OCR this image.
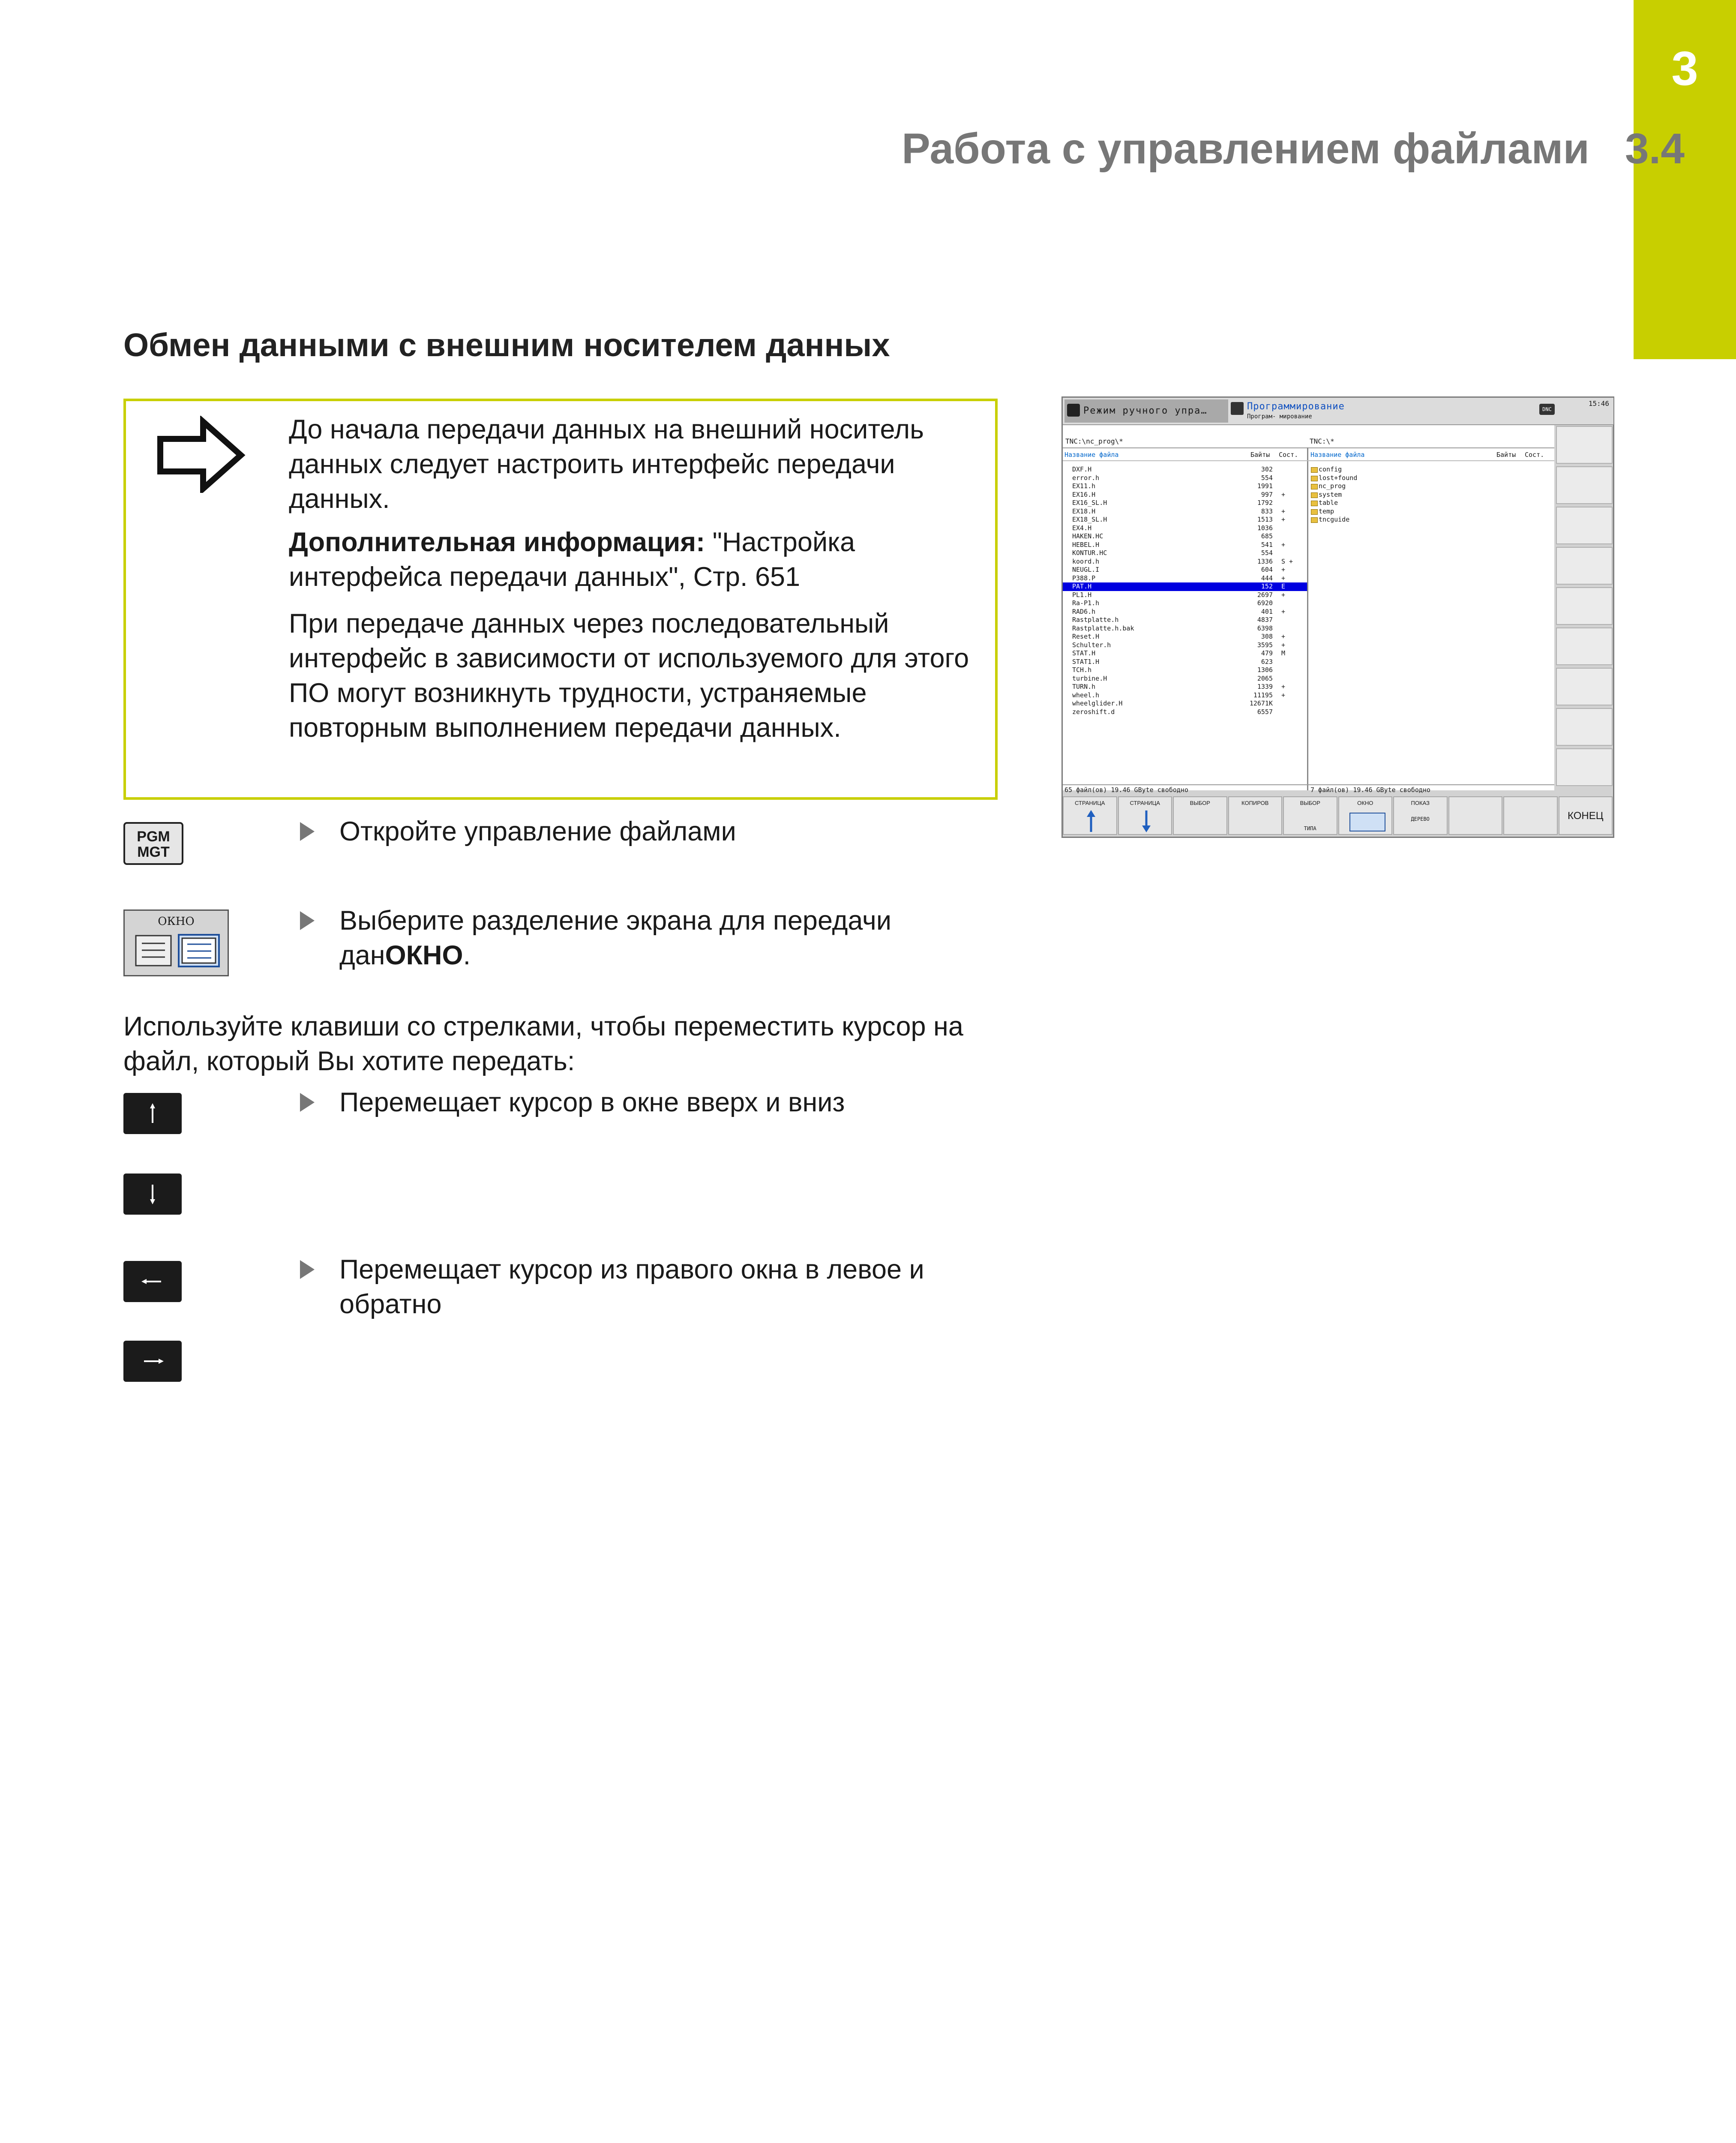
3
Работа с управлением файлами 3.4
Обмен данными с внешним носителем данных
До начала передачи данных на внешний носитель данных следует настроить интерфейс передачи данных.
Дополнительная информация: "Настройка интерфейса передачи данных", Стр. 651
При передаче данных через последовательный интерфейс в зависимости от используемого для этого ПО могут возникнуть трудности, устраняемые повторным выполнением передачи данных.
PGM
MGT
Откройте управление файлами
ОКНО	Выберите разделение экрана для передачи данОКНО.
Используйте клавиши со стрелками, чтобы переместить курсор на файл, который Вы хотите передать:
Перемещает курсор в окне вверх и вниз
Перемещает курсор из правого окна в левое и обратно
Режим ручного упра…	Программирование
Програм- мирование
DNC
15:46
TNC:\nc_prog\*	TNC:\*
Название файла	Байты Сост. Название файла	Байты Сост.
DXF.H	302
error.h	554
EX11.h	1991
EX16.H	997 +
EX16_SL.H	1792
EX18.H	833 +
EX18_SL.H	1513 +
EX4.H	1036
HAKEN.HC	685
HEBEL.H	541 +
KONTUR.HC	554
koord.h	1336 S +
NEUGL.I	604 +
P388.P	444 +
PAT.H	152 E
PL1.H	2697 +
Ra-P1.h	6920
RAD6.h	401 +
Rastplatte.h	4837
Rastplatte.h.bak	6398
Reset.H	308 +
Schulter.h	3595 +
STAT.H	479 M
STAT1.H	623
TCH.h	1306
turbine.H	2065
TURN.h	1339 +
wheel.h	11195 +
wheelglider.H	12671K
zeroshift.d	6557
config
lost+found
nc_prog
system
table
temp
tncguide
65 файл(ов) 19.46 GByte свободно	7 файл(ов) 19.46 GByte свободно
СТРАНИЦА	СТРАНИЦА	ВЫБОР	КОПИРОВ	ВЫБОР
ТИПА
ОКНО	ПОКАЗ
ДЕРЕВО	КОНЕЦ
